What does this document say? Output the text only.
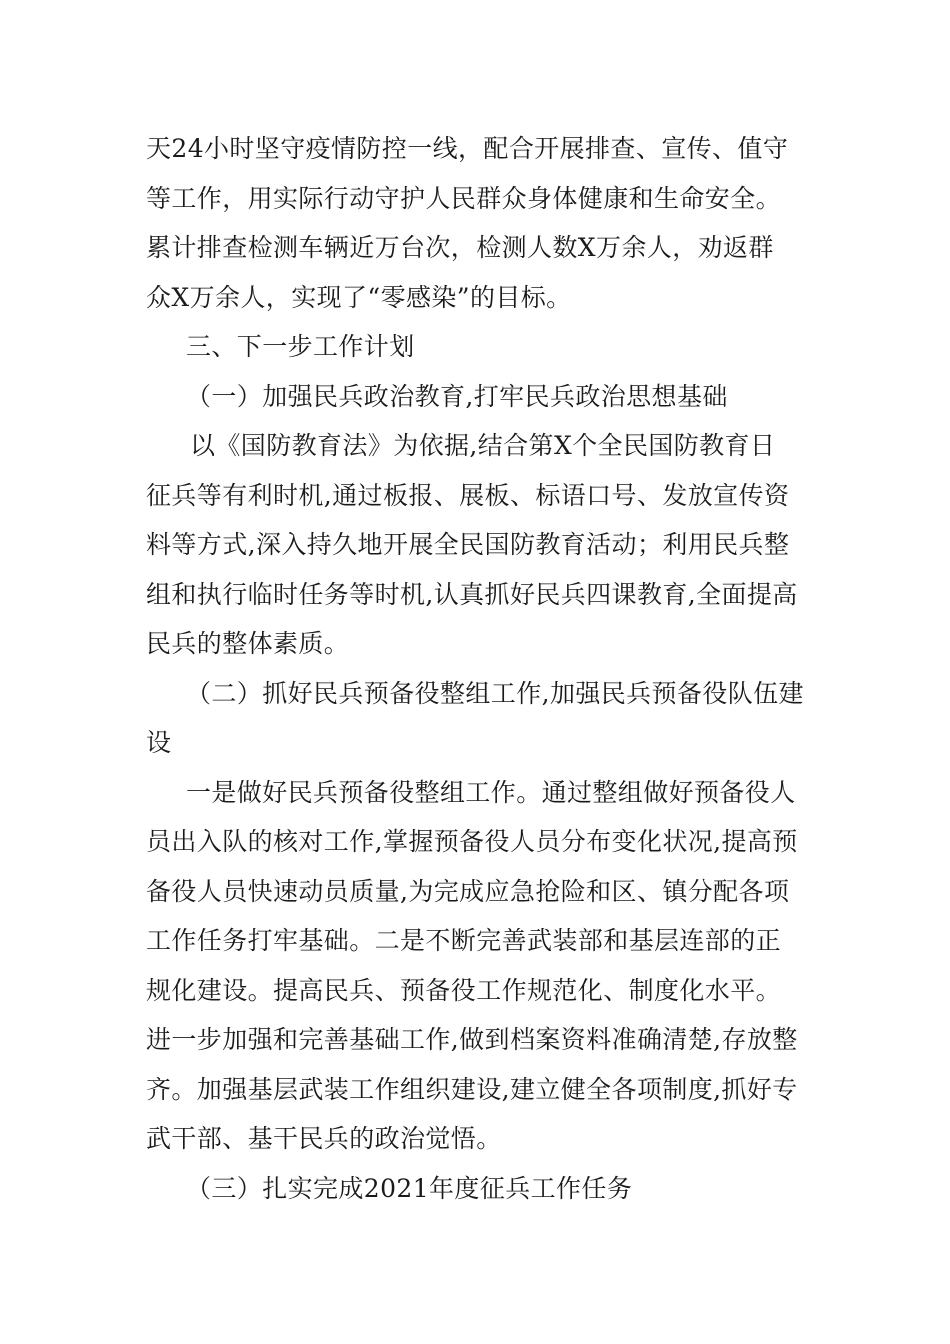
天24小时坚守疫情防控一线，配合开展排查、宣传、值守
等工作，用实际行动守护人民群众身体健康和生命安全。
累计排查检测车辆近万台次，检测人数X万余人，劝返群
众X万余人，实现了“零感染”的目标。
三、下一步工作计划
（一）加强民兵政治教育,打牢民兵政治思想基础
以《国防教育法》为依据,结合第X个全民国防教育日
征兵等有利时机,通过板报、展板、标语口号、发放宣传资
料等方式,深入持久地开展全民国防教育活动；利用民兵整
组和执行临时任务等时机,认真抓好民兵四课教育,全面提高
民兵的整体素质。
（二）抓好民兵预备役整组工作,加强民兵预备役队伍建
设
一是做好民兵预备役整组工作。通过整组做好预备役人
员出入队的核对工作,掌握预备役人员分布变化状况,提高预
备役人员快速动员质量,为完成应急抢险和区、镇分配各项
工作任务打牢基础。二是不断完善武装部和基层连部的正
规化建设。提高民兵、预备役工作规范化、制度化水平。
进一步加强和完善基础工作,做到档案资料准确清楚,存放整
齐。加强基层武装工作组织建设,建立健全各项制度,抓好专
武干部、基干民兵的政治觉悟。
（三）扎实完成2021年度征兵工作任务
